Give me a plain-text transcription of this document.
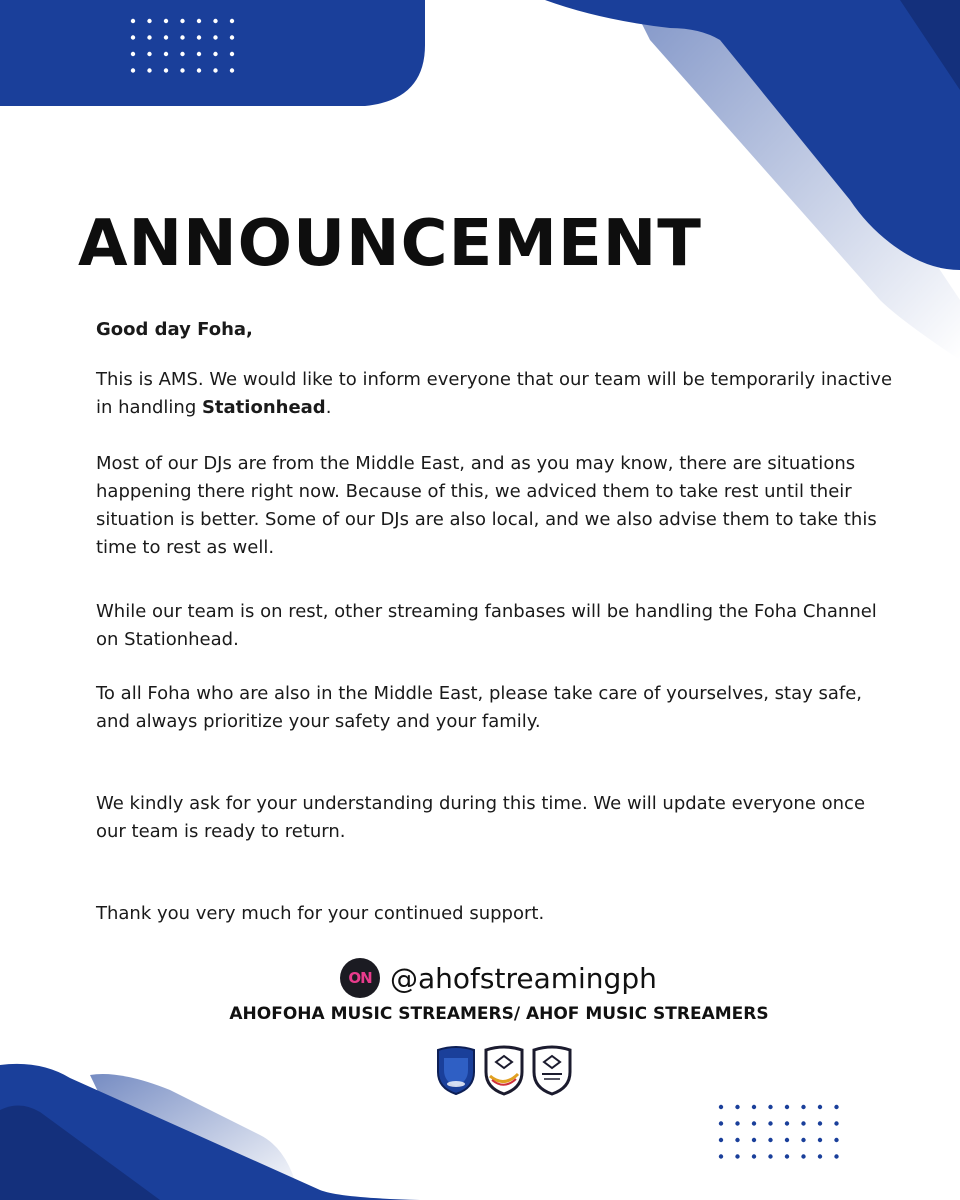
ANNOUNCEMENT

Good day Foha,

This is AMS. We would like to inform everyone that our team will be temporarily inactive in handling Stationhead.

Most of our DJs are from the Middle East, and as you may know, there are situations happening there right now. Because of this, we adviced them to take rest until their situation is better. Some of our DJs are also local, and we also advise them to take this time to rest as well.

While our team is on rest, other streaming fanbases will be handling the Foha Channel on Stationhead.

To all Foha who are also in the Middle East, please take care of yourselves, stay safe, and always prioritize your safety and your family.

We kindly ask for your understanding during this time. We will update everyone once our team is ready to return.

Thank you very much for your continued support.

ON @ahofstreamingph
AHOFOHA MUSIC STREAMERS/ AHOF MUSIC STREAMERS
